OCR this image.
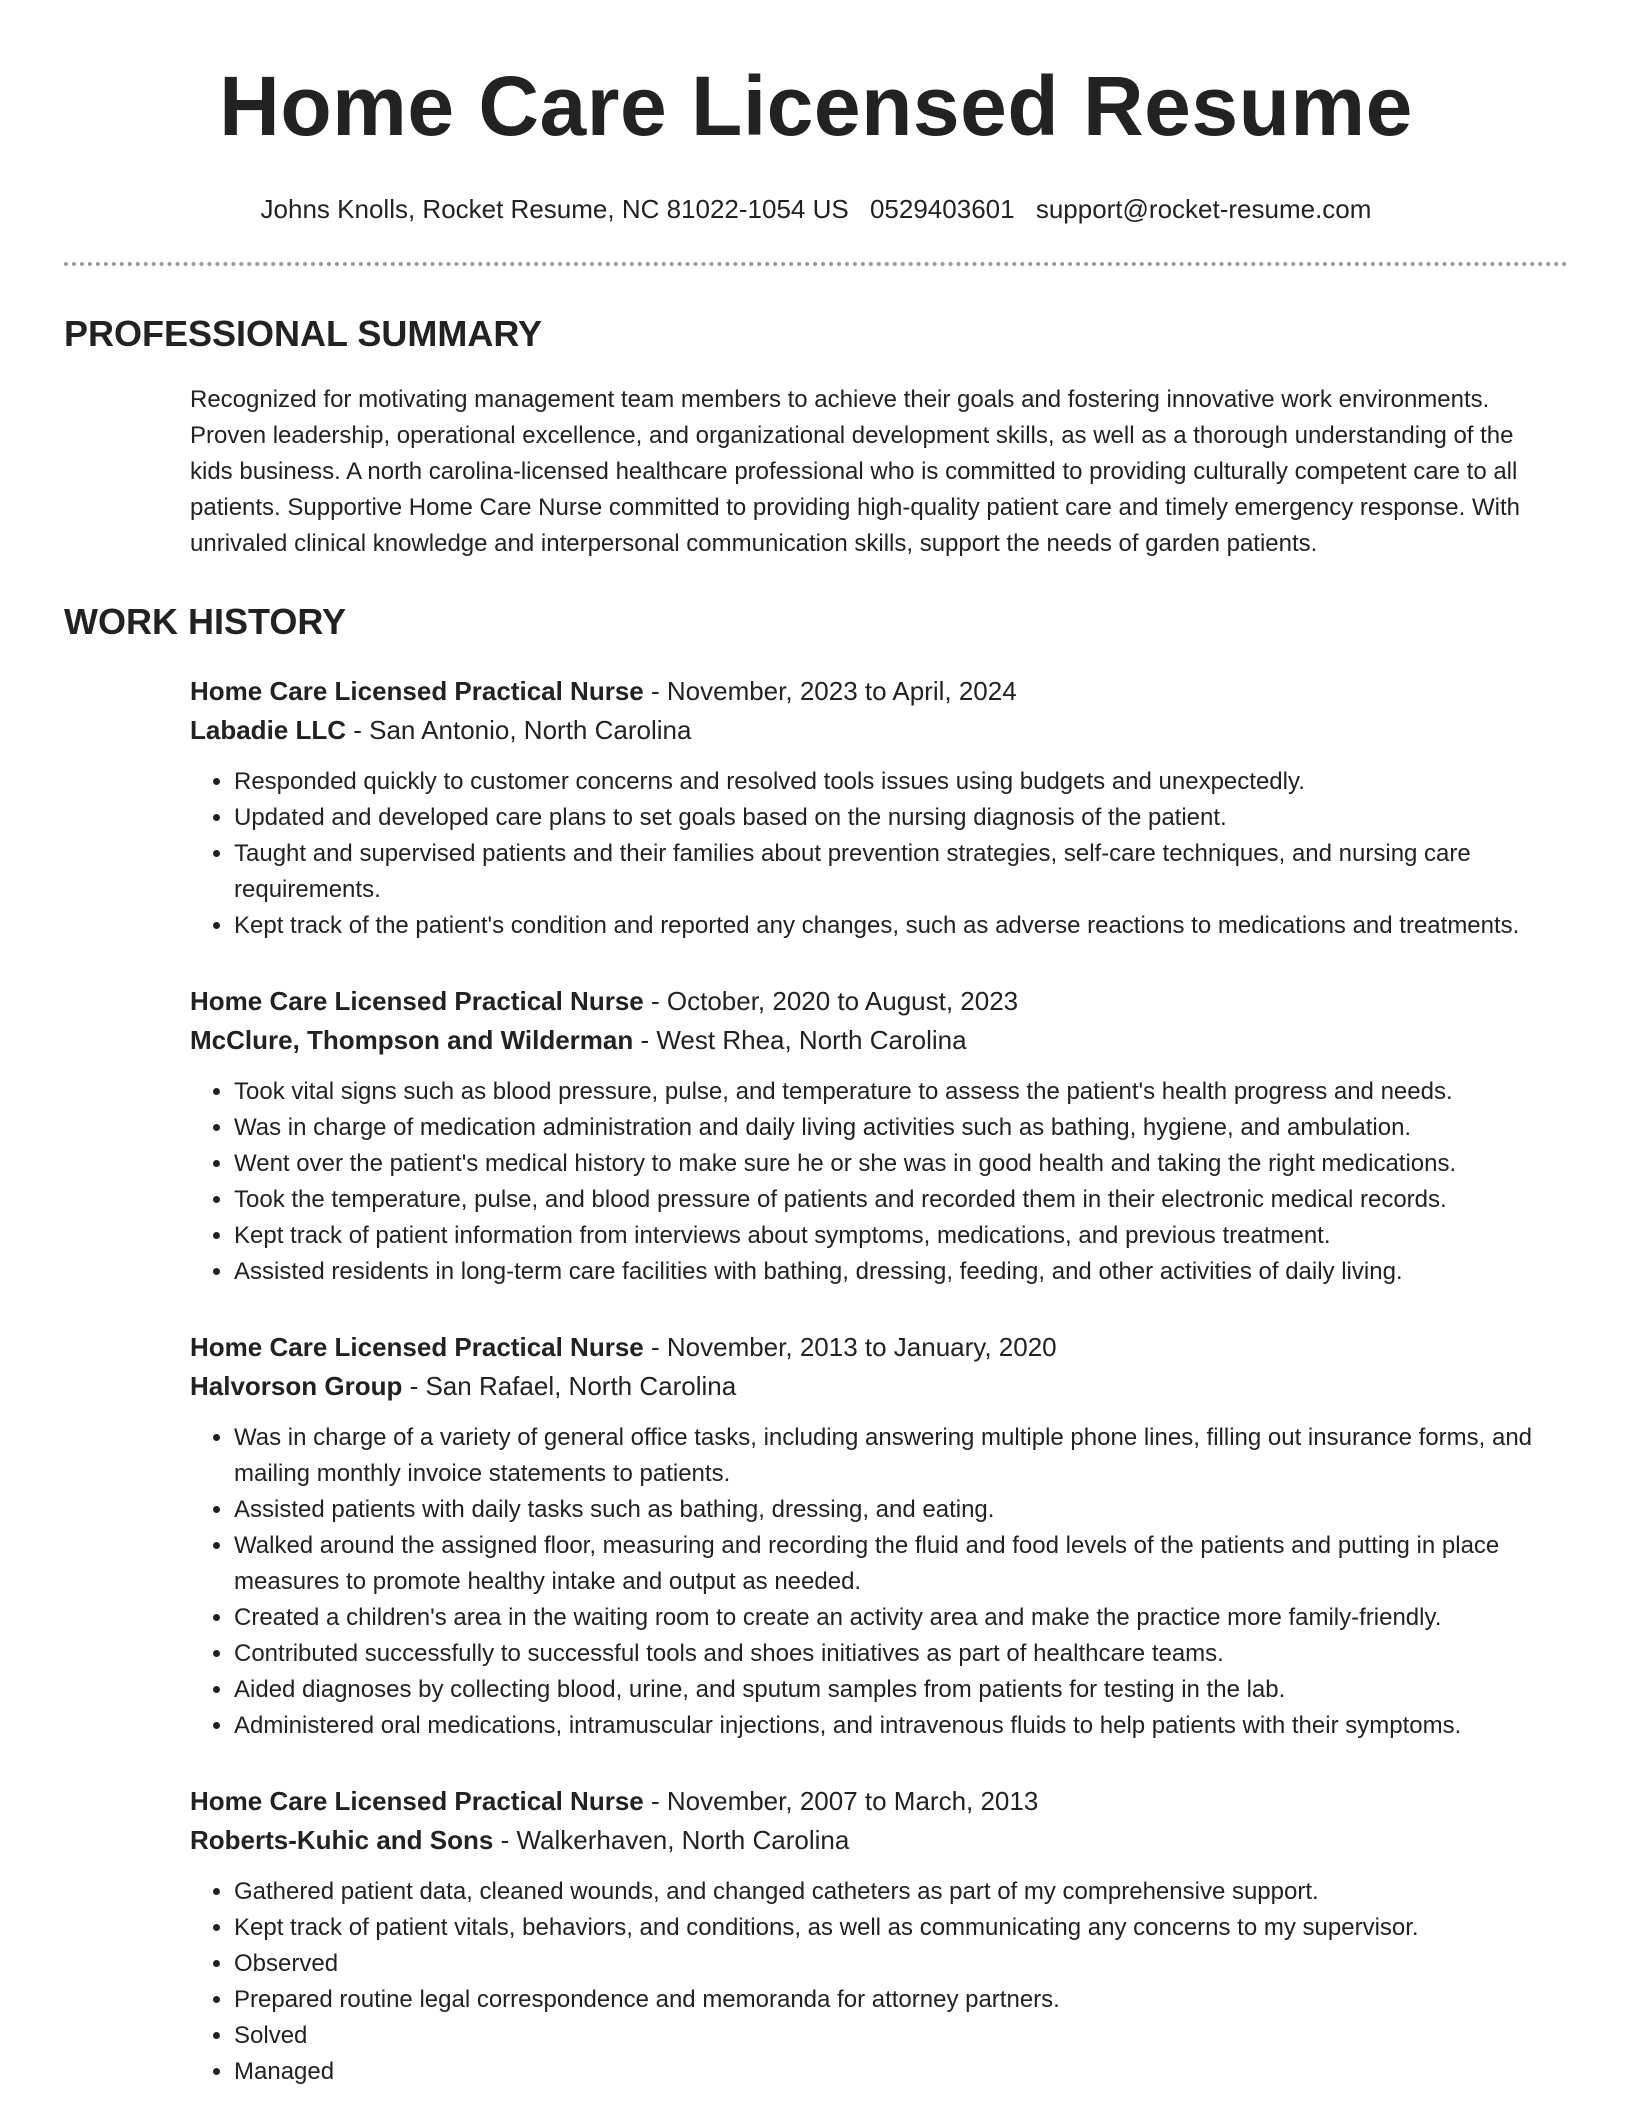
Home Care Licensed Resume
Johns Knolls, Rocket Resume, NC 81022-1054 US 0529403601 support@rocket-resume.com
PROFESSIONAL SUMMARY
Recognized for motivating management team members to achieve their goals and fostering innovative work environments. Proven leadership, operational excellence, and organizational development skills, as well as a thorough understanding of the kids business. A north carolina-licensed healthcare professional who is committed to providing culturally competent care to all patients. Supportive Home Care Nurse committed to providing high-quality patient care and timely emergency response. With unrivaled clinical knowledge and interpersonal communication skills, support the needs of garden patients.
WORK HISTORY
Home Care Licensed Practical Nurse - November, 2023 to April, 2024
Labadie LLC - San Antonio, North Carolina
• Responded quickly to customer concerns and resolved tools issues using budgets and unexpectedly.
• Updated and developed care plans to set goals based on the nursing diagnosis of the patient.
• Taught and supervised patients and their families about prevention strategies, self-care techniques, and nursing care requirements.
• Kept track of the patient's condition and reported any changes, such as adverse reactions to medications and treatments.
Home Care Licensed Practical Nurse - October, 2020 to August, 2023
McClure, Thompson and Wilderman - West Rhea, North Carolina
• Took vital signs such as blood pressure, pulse, and temperature to assess the patient's health progress and needs.
• Was in charge of medication administration and daily living activities such as bathing, hygiene, and ambulation.
• Went over the patient's medical history to make sure he or she was in good health and taking the right medications.
• Took the temperature, pulse, and blood pressure of patients and recorded them in their electronic medical records.
• Kept track of patient information from interviews about symptoms, medications, and previous treatment.
• Assisted residents in long-term care facilities with bathing, dressing, feeding, and other activities of daily living.
Home Care Licensed Practical Nurse - November, 2013 to January, 2020
Halvorson Group - San Rafael, North Carolina
• Was in charge of a variety of general office tasks, including answering multiple phone lines, filling out insurance forms, and mailing monthly invoice statements to patients.
• Assisted patients with daily tasks such as bathing, dressing, and eating.
• Walked around the assigned floor, measuring and recording the fluid and food levels of the patients and putting in place measures to promote healthy intake and output as needed.
• Created a children's area in the waiting room to create an activity area and make the practice more family-friendly.
• Contributed successfully to successful tools and shoes initiatives as part of healthcare teams.
• Aided diagnoses by collecting blood, urine, and sputum samples from patients for testing in the lab.
• Administered oral medications, intramuscular injections, and intravenous fluids to help patients with their symptoms.
Home Care Licensed Practical Nurse - November, 2007 to March, 2013
Roberts-Kuhic and Sons - Walkerhaven, North Carolina
• Gathered patient data, cleaned wounds, and changed catheters as part of my comprehensive support.
• Kept track of patient vitals, behaviors, and conditions, as well as communicating any concerns to my supervisor.
• Observed
• Prepared routine legal correspondence and memoranda for attorney partners.
• Solved
• Managed
